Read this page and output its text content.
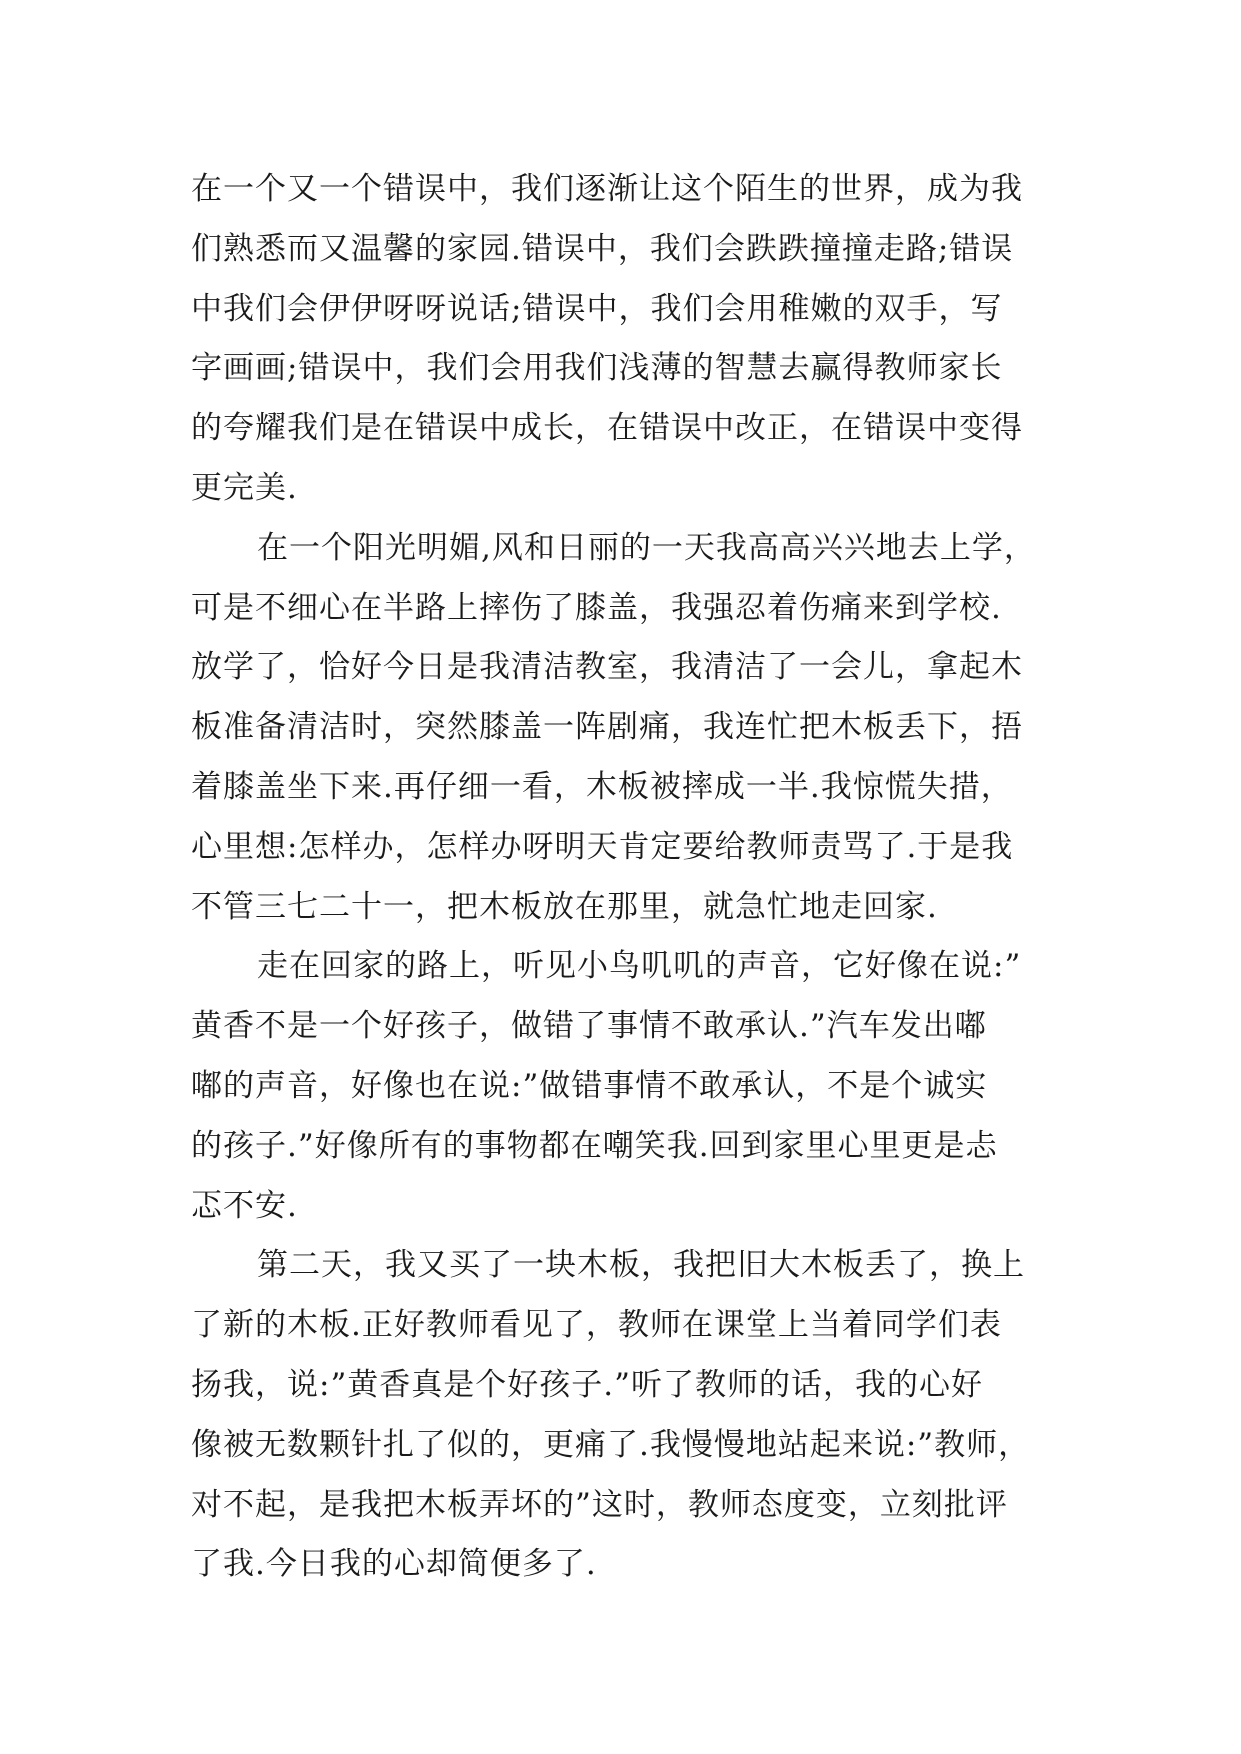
在一个又一个错误中，我们逐渐让这个陌生的世界，成为我
们熟悉而又温馨的家园.错误中，我们会跌跌撞撞走路;错误
中我们会伊伊呀呀说话;错误中，我们会用稚嫩的双手，写
字画画;错误中，我们会用我们浅薄的智慧去赢得教师家长
的夸耀我们是在错误中成长，在错误中改正，在错误中变得
更完美.
在一个阳光明媚,风和日丽的一天我高高兴兴地去上学，
可是不细心在半路上摔伤了膝盖，我强忍着伤痛来到学校.
放学了，恰好今日是我清洁教室，我清洁了一会儿，拿起木
板准备清洁时，突然膝盖一阵剧痛，我连忙把木板丢下，捂
着膝盖坐下来.再仔细一看，木板被摔成一半.我惊慌失措，
心里想:怎样办，怎样办呀明天肯定要给教师责骂了.于是我
不管三七二十一，把木板放在那里，就急忙地走回家.
走在回家的路上，听见小鸟叽叽的声音，它好像在说:”
黄香不是一个好孩子，做错了事情不敢承认.”汽车发出嘟
嘟的声音，好像也在说:”做错事情不敢承认，不是个诚实
的孩子.”好像所有的事物都在嘲笑我.回到家里心里更是忐
忑不安.
第二天，我又买了一块木板，我把旧大木板丢了，换上
了新的木板.正好教师看见了，教师在课堂上当着同学们表
扬我，说:”黄香真是个好孩子.”听了教师的话，我的心好
像被无数颗针扎了似的，更痛了.我慢慢地站起来说:”教师，
对不起，是我把木板弄坏的”这时，教师态度变，立刻批评
了我.今日我的心却简便多了.
